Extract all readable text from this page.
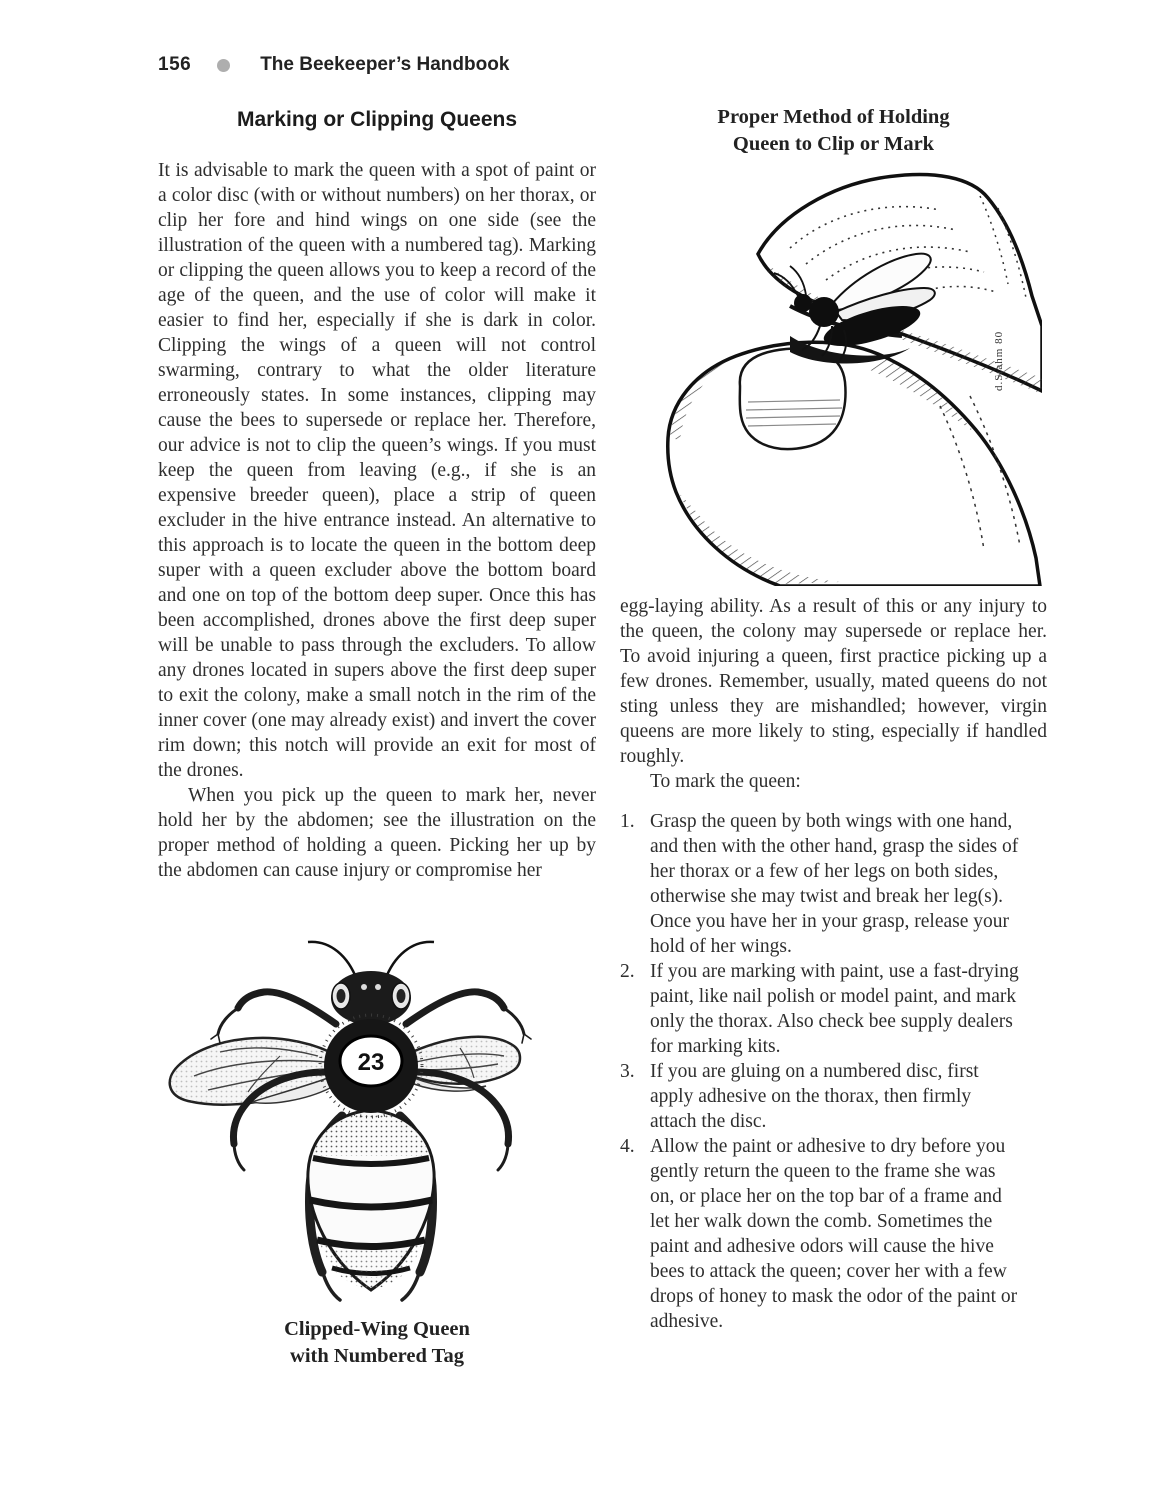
156	The Beekeeper’s Handbook
Marking or Clipping Queens

It is advisable to mark the queen with a spot of paint or a color disc (with or without numbers) on her thorax, or clip her fore and hind wings on one side (see the illustration of the queen with a numbered tag). Marking or clipping the queen allows you to keep a record of the age of the queen, and the use of color will make it easier to find her, especially if she is dark in color. Clipping the wings of a queen will not control swarming, contrary to what the older literature erroneously states. In some instances, clipping may cause the bees to supersede or replace her. Therefore, our advice is not to clip the queen’s wings. If you must keep the queen from leaving (e.g., if she is an expensive breeder queen), place a strip of queen excluder in the hive entrance instead. An alternative to this approach is to locate the queen in the bottom deep super with a queen excluder above the bottom board and one on top of the bottom deep super. Once this has been accomplished, drones above the first deep super will be unable to pass through the excluders. To allow any drones located in supers above the first deep super to exit the colony, make a small notch in the rim of the inner cover (one may already exist) and invert the cover rim down; this notch will provide an exit for most of the drones.

When you pick up the queen to mark her, never hold her by the abdomen; see the illustration on the proper method of holding a queen. Picking her up by the abdomen can cause injury or compromise her

Proper Method of Holding
Queen to Clip or Mark
d.Stahm 80

egg-laying ability. As a result of this or any injury to the queen, the colony may supersede or replace her. To avoid injuring a queen, first practice picking up a few drones. Remember, usually, mated queens do not sting unless they are mishandled; however, virgin queens are more likely to sting, especially if handled roughly.

To mark the queen:

1. Grasp the queen by both wings with one hand, and then with the other hand, grasp the sides of her thorax or a few of her legs on both sides, otherwise she may twist and break her leg(s). Once you have her in your grasp, release your hold of her wings.
2. If you are marking with paint, use a fast-drying paint, like nail polish or model paint, and mark only the thorax. Also check bee supply dealers for marking kits.
3. If you are gluing on a numbered disc, first apply adhesive on the thorax, then firmly attach the disc.
4. Allow the paint or adhesive to dry before you gently return the queen to the frame she was on, or place her on the top bar of a frame and let her walk down the comb. Sometimes the paint and adhesive odors will cause the hive bees to attack the queen; cover her with a few drops of honey to mask the odor of the paint or adhesive.
23
Clipped-Wing Queen
with Numbered Tag
